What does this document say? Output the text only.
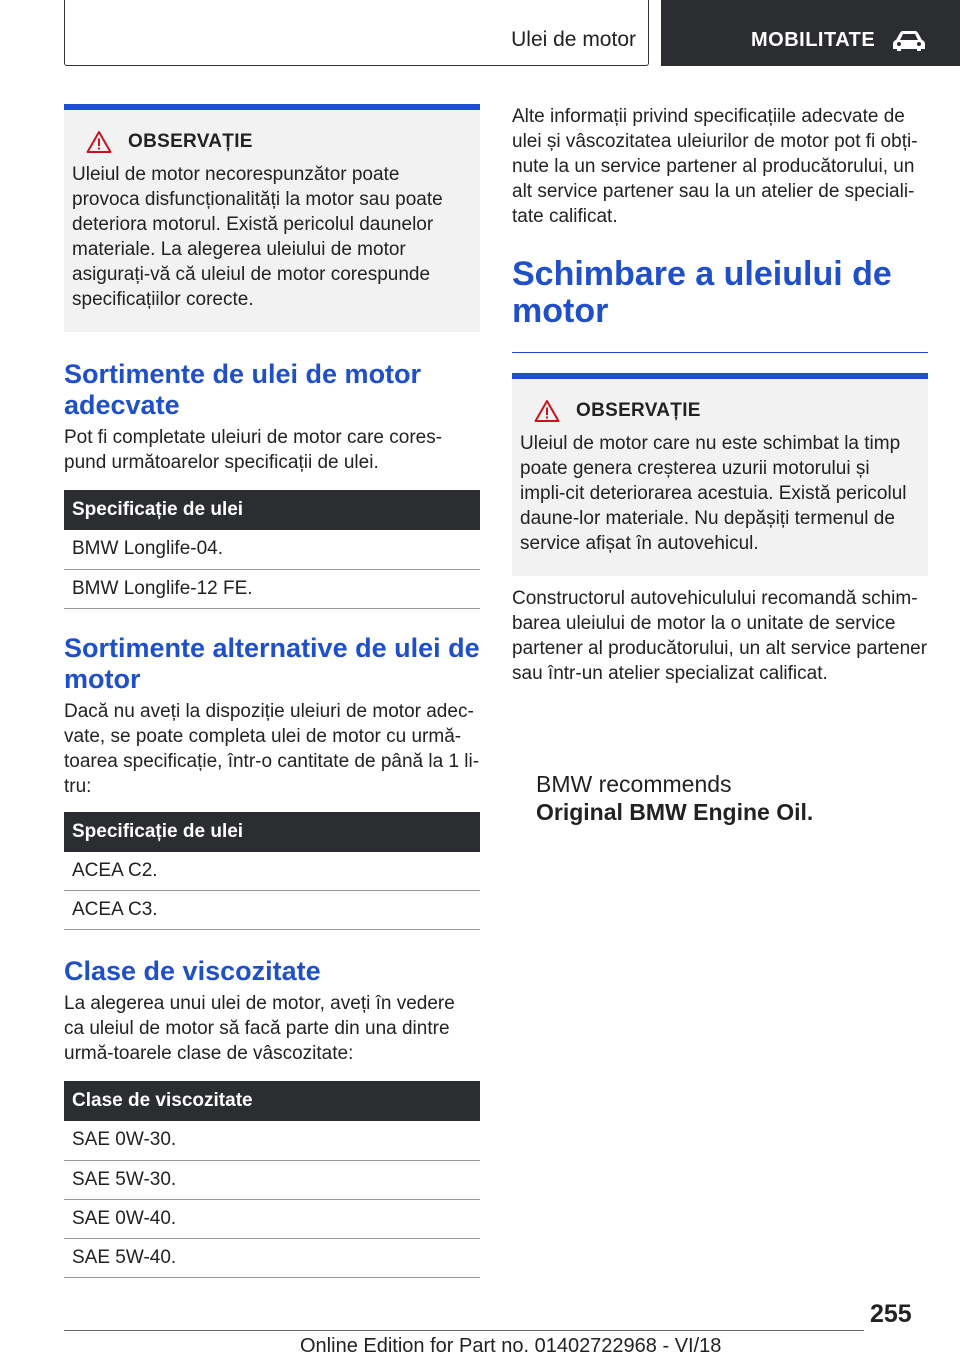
Ulei de motor	MOBILITATE
OBSERVAȚIE
Uleiul de motor necorespunzător poate provoca disfuncționalități la motor sau poate deteriora motorul. Există pericolul daunelor materiale. La alegerea uleiului de motor asigurați-vă că uleiul de motor corespunde specificațiilor corecte.
Sortimente de ulei de motor adecvate
Pot fi completate uleiuri de motor care cores-pund următoarelor specificații de ulei.
Specificație de ulei
BMW Longlife-04.
BMW Longlife-12 FE.
Sortimente alternative de ulei de motor
Dacă nu aveți la dispoziție uleiuri de motor adec-vate, se poate completa ulei de motor cu urmă-toarea specificație, într-o cantitate de până la 1 li-tru:
Specificație de ulei
ACEA C2.
ACEA C3.
Clase de viscozitate
La alegerea unui ulei de motor, aveți în vedere ca uleiul de motor să facă parte din una dintre urmă-toarele clase de vâscozitate:
Clase de viscozitate
SAE 0W-30.
SAE 5W-30.
SAE 0W-40.
SAE 5W-40.
Alte informații privind specificațiile adecvate de ulei și vâscozitatea uleiurilor de motor pot fi obți-nute la un service partener al producătorului, un alt service partener sau la un atelier de speciali-tate calificat.
Schimbare a uleiului de motor
OBSERVAȚIE
Uleiul de motor care nu este schimbat la timp poate genera creșterea uzurii motorului și impli-cit deteriorarea acestuia. Există pericolul daune-lor materiale. Nu depășiți termenul de service afișat în autovehicul.
Constructorul autovehiculului recomandă schim-barea uleiului de motor la o unitate de service partener al producătorului, un alt service partener sau într-un atelier specializat calificat.
BMW recommends
Original BMW Engine Oil.
255
Online Edition for Part no. 01402722968 - VI/18
